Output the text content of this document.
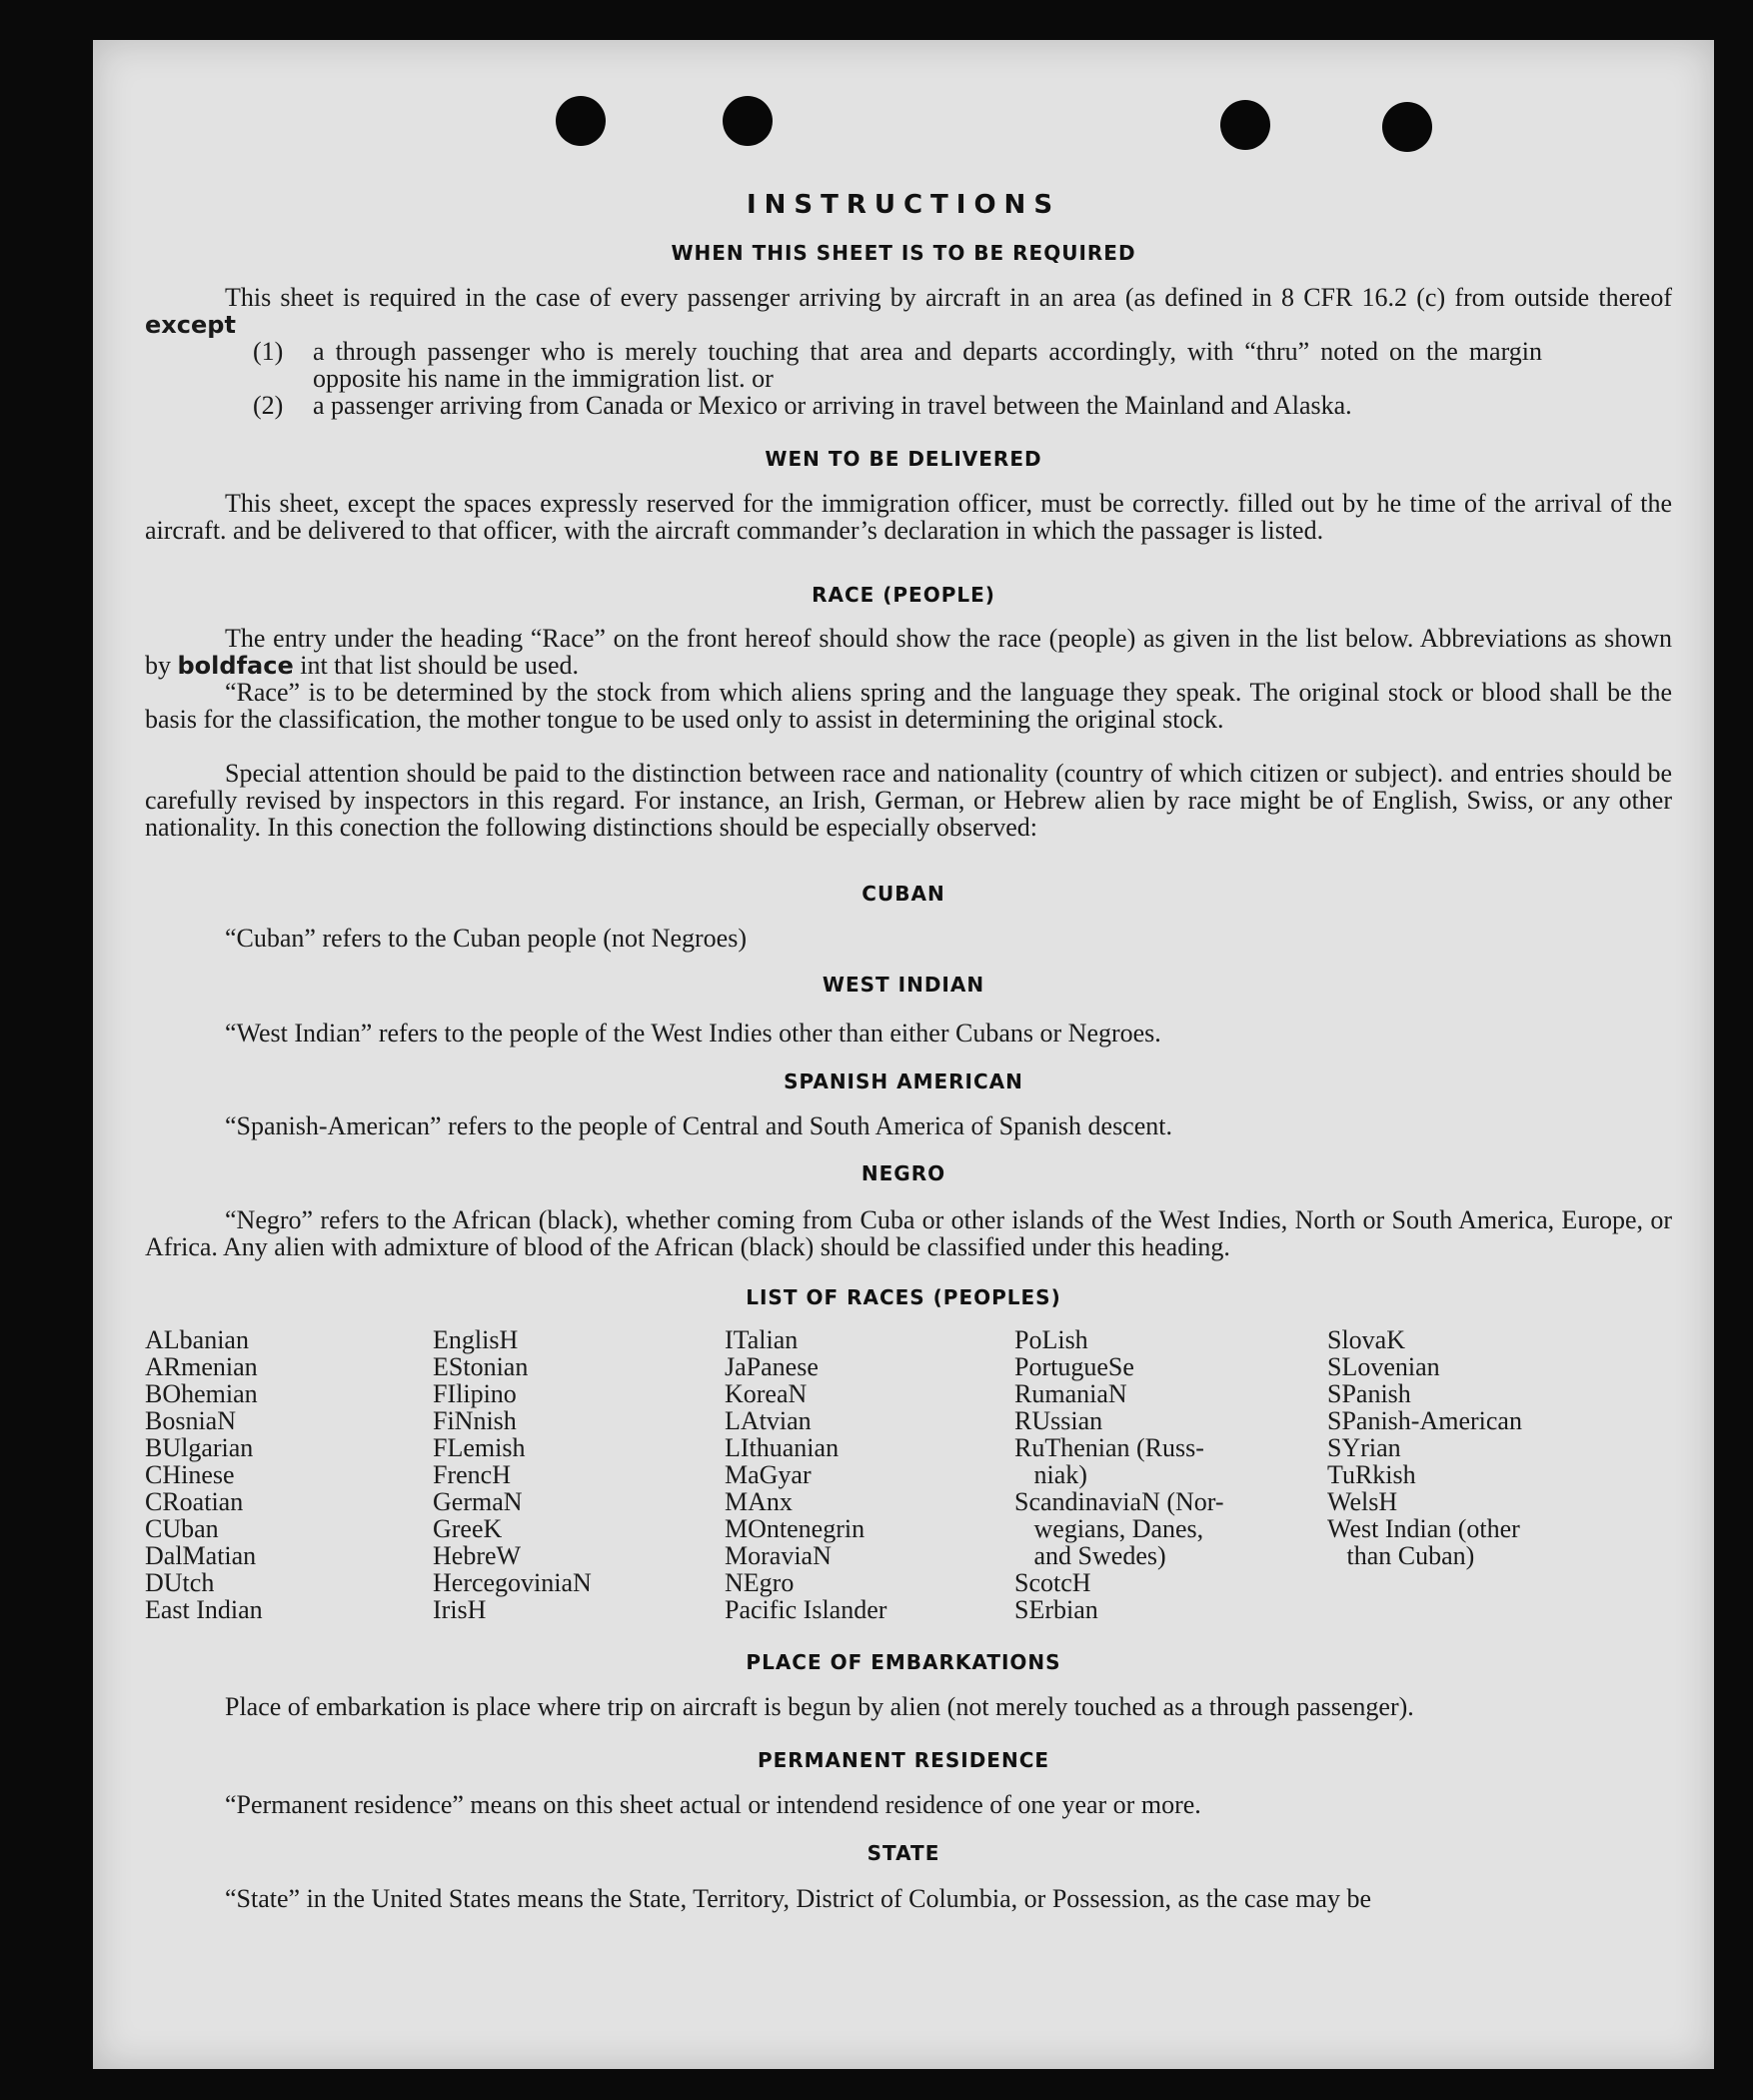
INSTRUCTIONS
WHEN THIS SHEET IS TO BE REQUIRED
This sheet is required in the case of every passenger arriving by aircraft in an area (as defined in 8 CFR 16.2 (c) from outside thereof except
(1)	a through passenger who is merely touching that area and departs accordingly, with “thru” noted on the margin opposite his name in the immigration list. or
(2)	a passenger arriving from Canada or Mexico or arriving in travel between the Mainland and Alaska.
WEN TO BE DELIVERED
This sheet, except the spaces expressly reserved for the immigration officer, must be correctly. filled out by he time of the arrival of the aircraft. and be delivered to that officer, with the aircraft commander’s declaration in which the passager is listed.
RACE (PEOPLE)
The entry under the heading “Race” on the front hereof should show the race (people) as given in the list below. Abbreviations as shown by boldface int that list should be used.
“Race” is to be determined by the stock from which aliens spring and the language they speak. The original stock or blood shall be the basis for the classification, the mother tongue to be used only to assist in determining the original stock.
Special attention should be paid to the distinction between race and nationality (country of which citizen or subject). and entries should be carefully revised by inspectors in this regard. For instance, an Irish, German, or Hebrew alien by race might be of English, Swiss, or any other nationality. In this conection the following distinctions should be especially observed:
CUBAN
“Cuban” refers to the Cuban people (not Negroes)
WEST INDIAN
“West Indian” refers to the people of the West Indies other than either Cubans or Negroes.
SPANISH AMERICAN
“Spanish-American” refers to the people of Central and South America of Spanish descent.
NEGRO
“Negro” refers to the African (black), whether coming from Cuba or other islands of the West Indies, North or South America, Europe, or Africa. Any alien with admixture of blood of the African (black) should be classified under this heading.
LIST OF RACES (PEOPLES)
ALbanian
ARmenian
BOhemian
BosniaN
BUlgarian
CHinese
CRoatian
CUban
DalMatian
DUtch
East Indian
EnglisH
EStonian
FIlipino
FiNnish
FLemish
FrencH
GermaN
GreeK
HebreW
HercegoviniaN
IrisH
ITalian
JaPanese
KoreaN
LAtvian
LIthuanian
MaGyar
MAnx
MOntenegrin
MoraviaN
NEgro
Pacific Islander
PoLish
PortugueSe
RumaniaN
RUssian
RuThenian (Russ-
niak)
ScandinaviaN (Nor-
wegians, Danes,
and Swedes)
ScotcH
SErbian
SlovaK
SLovenian
SPanish
SPanish-American
SYrian
TuRkish
WelsH
West Indian (other
than Cuban)
PLACE OF EMBARKATIONS
Place of embarkation is place where trip on aircraft is begun by alien (not merely touched as a through passenger).
PERMANENT RESIDENCE
“Permanent residence” means on this sheet actual or intendend residence of one year or more.
STATE
“State” in the United States means the State, Territory, District of Columbia, or Possession, as the case may be
